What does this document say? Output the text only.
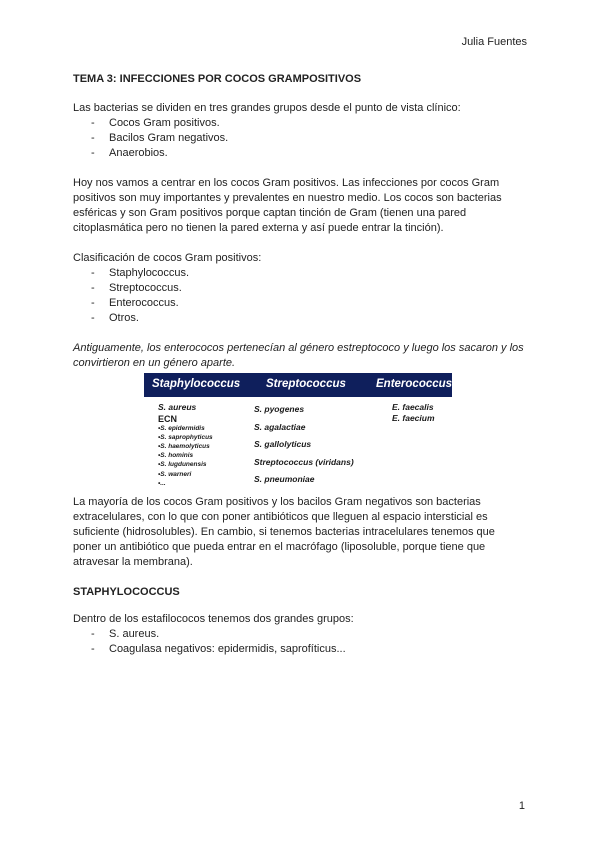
Julia Fuentes
TEMA 3: INFECCIONES POR COCOS GRAMPOSITIVOS

Las bacterias se dividen en tres grandes grupos desde el punto de vista clínico:

- Cocos Gram positivos.
- Bacilos Gram negativos.
- Anaerobios.

Hoy nos vamos a centrar en los cocos Gram positivos. Las infecciones por cocos Gram

positivos son muy importantes y prevalentes en nuestro medio. Los cocos son bacterias

esféricas y son Gram positivos porque captan tinción de Gram (tienen una pared

citoplasmática pero no tienen la pared externa y así puede entrar la tinción).

Clasificación de cocos Gram positivos:

- Staphylococcus.
- Streptococcus.
- Enterococcus.
- Otros.

Antiguamente, los enterococos pertenecían al género estreptococo y luego los sacaron y los

convirtieron en un género aparte.

Staphylococcus Streptococcus	Enterococcus
S. aureus
ECN
•S. epidermidis
•S. saprophyticus
•S. haemolyticus
•S. hominis
•S. lugdunensis
•S. warneri
•...
S. pyogenes
S. agalactiae
S. gallolyticus
Streptococcus (viridans)
S. pneumoniae
E. faecalis
E. faecium

La mayoría de los cocos Gram positivos y los bacilos Gram negativos son bacterias

extracelulares, con lo que con poner antibióticos que lleguen al espacio intersticial es

suficiente (hidrosolubles). En cambio, si tenemos bacterias intracelulares tenemos que

poner un antibiótico que pueda entrar en el macrófago (liposoluble, porque tiene que

atravesar la membrana).

STAPHYLOCOCCUS

Dentro de los estafilococos tenemos dos grandes grupos:

- S. aureus.
- Coagulasa negativos: epidermidis, saprofíticus...
1
